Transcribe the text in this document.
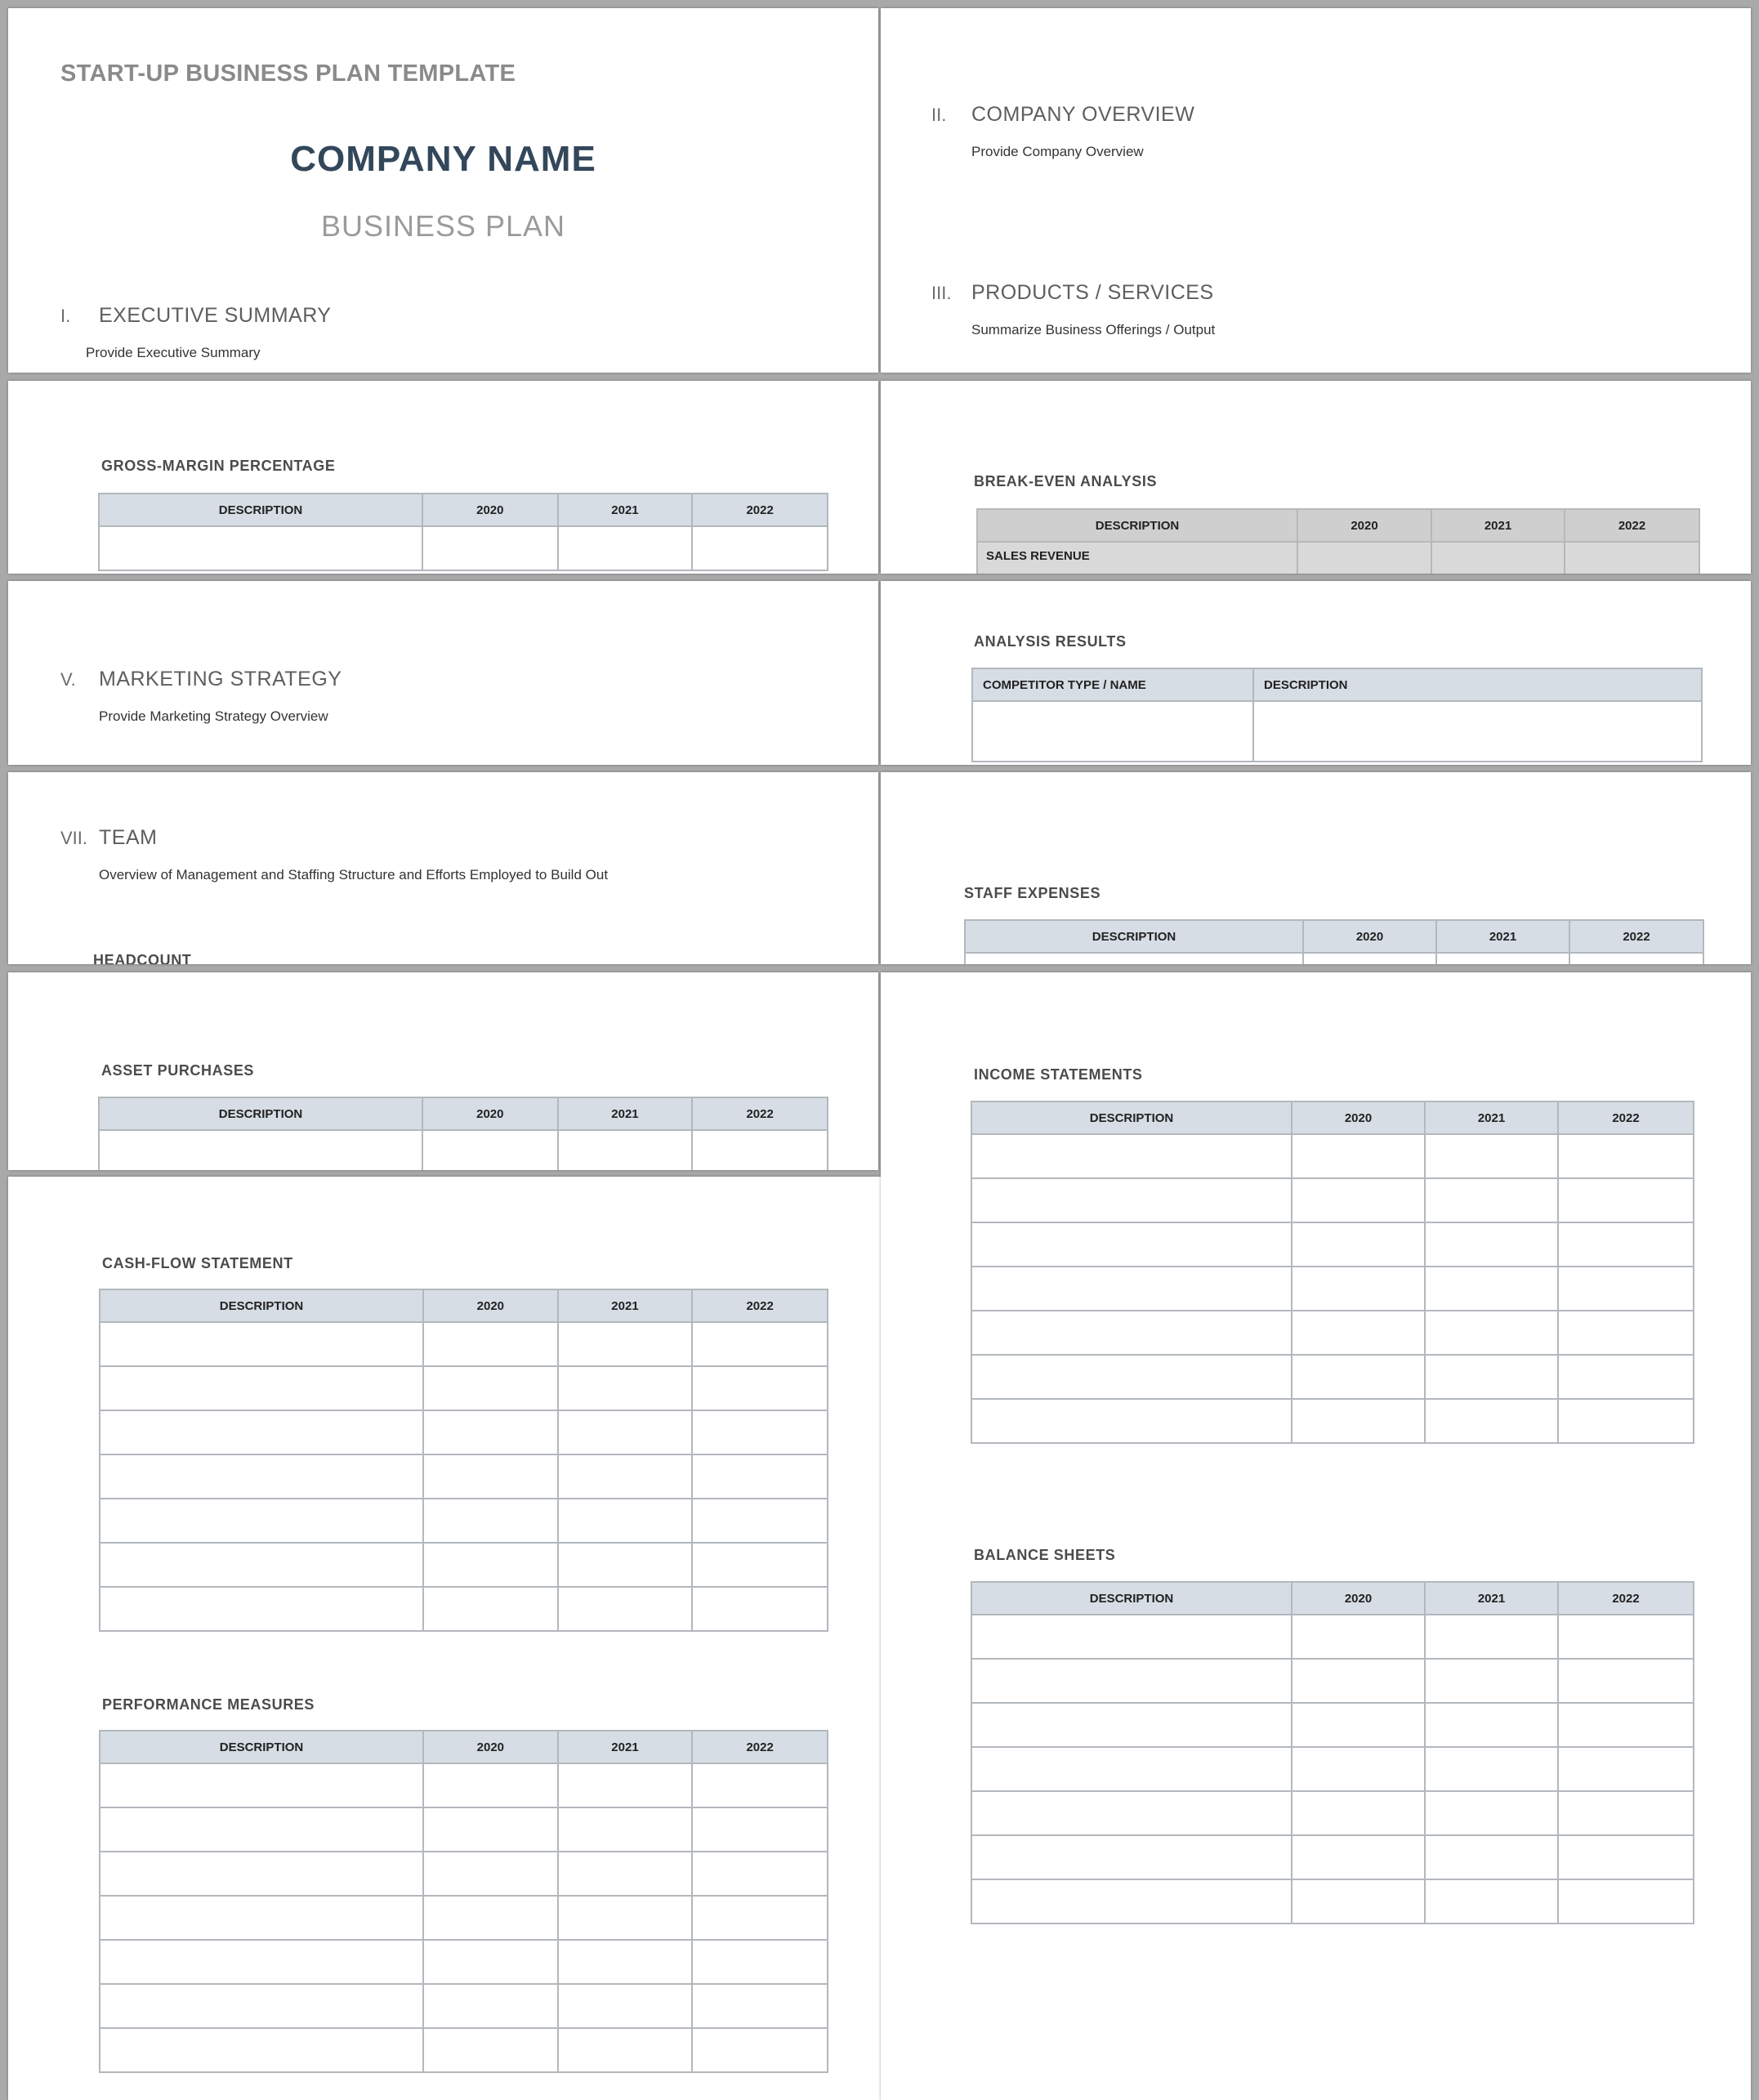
START-UP BUSINESS PLAN TEMPLATE
COMPANY NAME
BUSINESS PLAN
I. EXECUTIVE SUMMARY
Provide Executive Summary
II. COMPANY OVERVIEW
Provide Company Overview
III. PRODUCTS / SERVICES
Summarize Business Offerings / Output
GROSS-MARGIN PERCENTAGE
DESCRIPTION	2020	2021	2022

BREAK-EVEN ANALYSIS
DESCRIPTION	2020	2021	2022
SALES REVENUE			
V. MARKETING STRATEGY
Provide Marketing Strategy Overview
ANALYSIS RESULTS
COMPETITOR TYPE / NAME	DESCRIPTION

VII. TEAM
Overview of Management and Staffing Structure and Efforts Employed to Build Out
HEADCOUNT
STAFF EXPENSES
DESCRIPTION	2020	2021	2022

ASSET PURCHASES
DESCRIPTION	2020	2021	2022

CASH-FLOW STATEMENT
DESCRIPTION	2020	2021	2022

PERFORMANCE MEASURES
DESCRIPTION	2020	2021	2022

INCOME STATEMENTS
DESCRIPTION	2020	2021	2022

BALANCE SHEETS
DESCRIPTION	2020	2021	2022
